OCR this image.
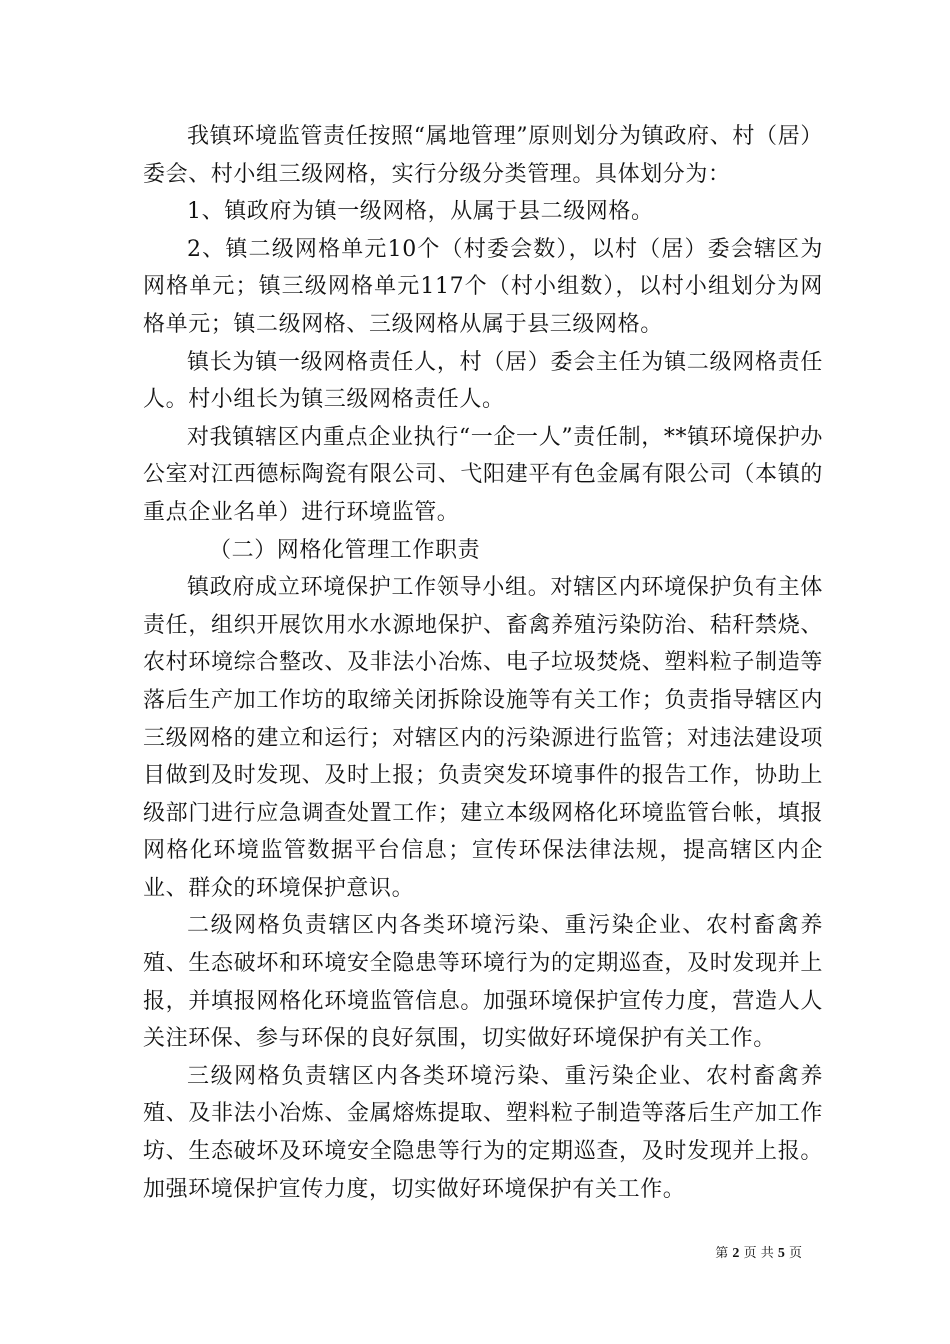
我镇环境监管责任按照“属地管理”原则划分为镇政府、村（居）委会、村小组三级网格，实行分级分类管理。具体划分为：

1、镇政府为镇一级网格，从属于县二级网格。

2、镇二级网格单元10个（村委会数），以村（居）委会辖区为网格单元；镇三级网格单元117个（村小组数），以村小组划分为网格单元；镇二级网格、三级网格从属于县三级网格。

镇长为镇一级网格责任人，村（居）委会主任为镇二级网格责任人。村小组长为镇三级网格责任人。

对我镇辖区内重点企业执行“一企一人”责任制，**镇环境保护办公室对江西德标陶瓷有限公司、弋阳建平有色金属有限公司（本镇的重点企业名单）进行环境监管。

（二）网格化管理工作职责

镇政府成立环境保护工作领导小组。对辖区内环境保护负有主体责任，组织开展饮用水水源地保护、畜禽养殖污染防治、秸秆禁烧、农村环境综合整改、及非法小冶炼、电子垃圾焚烧、塑料粒子制造等落后生产加工作坊的取缔关闭拆除设施等有关工作；负责指导辖区内三级网格的建立和运行；对辖区内的污染源进行监管；对违法建设项目做到及时发现、及时上报；负责突发环境事件的报告工作，协助上级部门进行应急调查处置工作；建立本级网格化环境监管台帐，填报网格化环境监管数据平台信息；宣传环保法律法规，提高辖区内企业、群众的环境保护意识。

二级网格负责辖区内各类环境污染、重污染企业、农村畜禽养殖、生态破坏和环境安全隐患等环境行为的定期巡查，及时发现并上报，并填报网格化环境监管信息。加强环境保护宣传力度，营造人人关注环保、参与环保的良好氛围，切实做好环境保护有关工作。

三级网格负责辖区内各类环境污染、重污染企业、农村畜禽养殖、及非法小冶炼、金属熔炼提取、塑料粒子制造等落后生产加工作坊、生态破坏及环境安全隐患等行为的定期巡查，及时发现并上报。加强环境保护宣传力度，切实做好环境保护有关工作。

第 2 页 共 5 页
